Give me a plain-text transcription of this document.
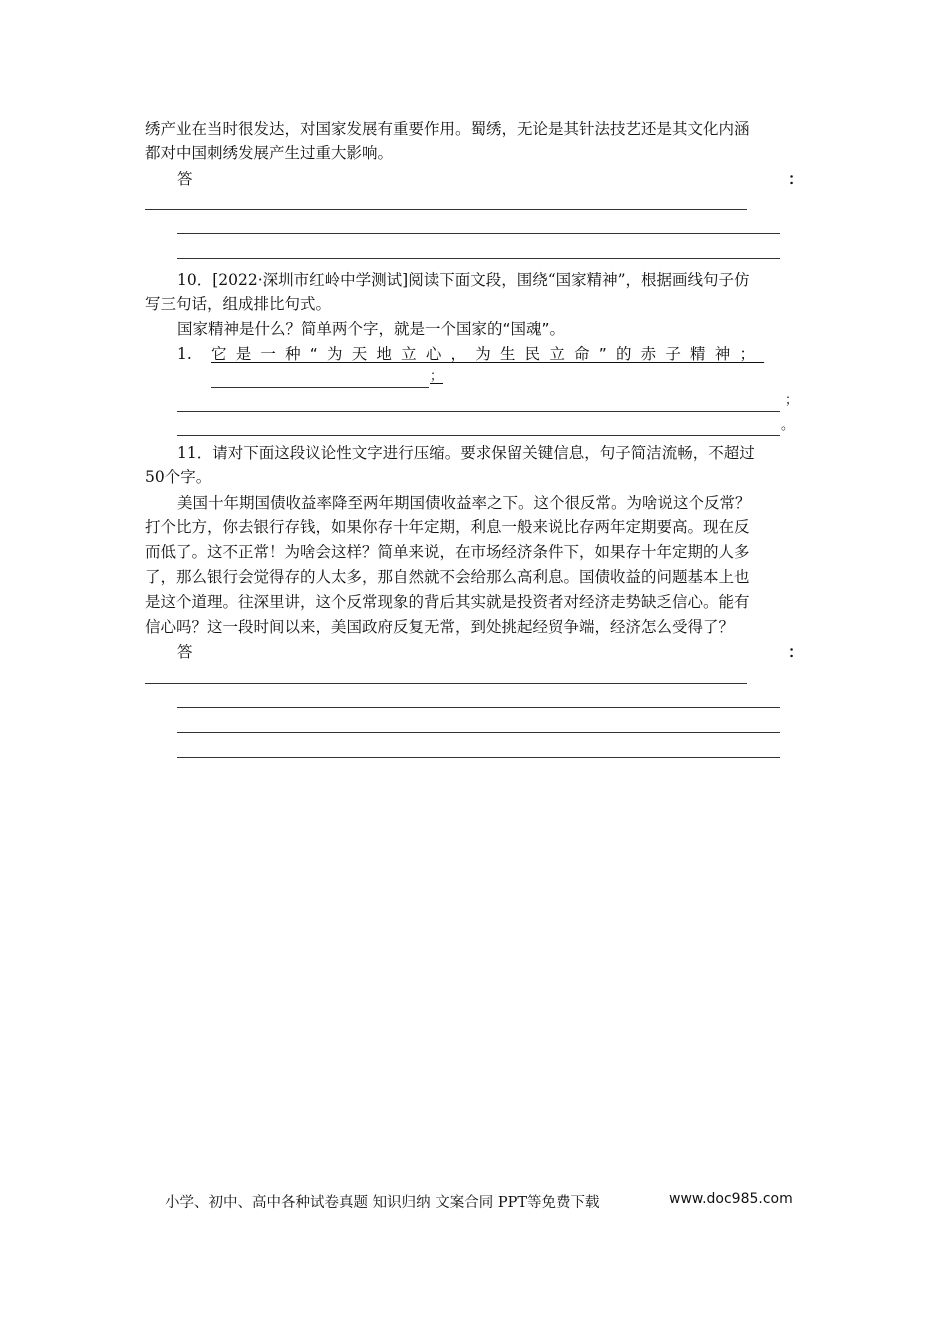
绣产业在当时很发达，对国家发展有重要作用。蜀绣，无论是其针法技艺还是其文化内涵
都对中国刺绣发展产生过重大影响。
答	：
10．[2022·深圳市红岭中学测试]阅读下面文段，围绕“国家精神”，根据画线句子仿
写三句话，组成排比句式。
国家精神是什么？简单两个字，就是一个国家的“国魂”。
1. 它是一种“为天地立心，为生民立命”的赤子精神；
；
；
。
11．请对下面这段议论性文字进行压缩。要求保留关键信息，句子简洁流畅，不超过
50个字。
美国十年期国债收益率降至两年期国债收益率之下。这个很反常。为啥说这个反常？
打个比方，你去银行存钱，如果你存十年定期，利息一般来说比存两年定期要高。现在反
而低了。这不正常！为啥会这样？简单来说，在市场经济条件下，如果存十年定期的人多
了，那么银行会觉得存的人太多，那自然就不会给那么高利息。国债收益的问题基本上也
是这个道理。往深里讲，这个反常现象的背后其实就是投资者对经济走势缺乏信心。能有
信心吗？这一段时间以来，美国政府反复无常，到处挑起经贸争端，经济怎么受得了？
答	：
小学、初中、高中各种试卷真题 知识归纳 文案合同 PPT等免费下载	www.doc985.com
